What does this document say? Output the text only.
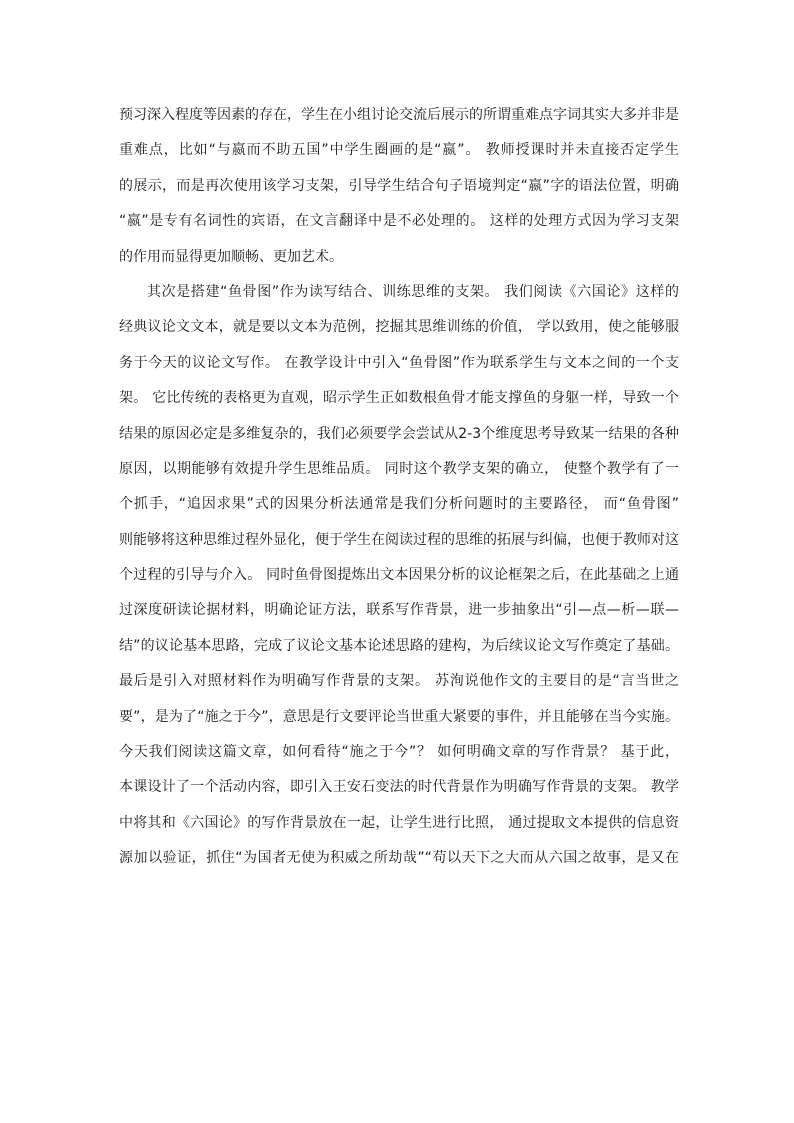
预习深入程度等因素的存在，学生在小组讨论交流后展示的所谓重难点字词其实大多并非是
重难点，比如“与嬴而不助五国”中学生圈画的是“嬴”。 教师授课时并未直接否定学生
的展示，而是再次使用该学习支架，引导学生结合句子语境判定“嬴”字的语法位置，明确
“嬴”是专有名词性的宾语，在文言翻译中是不必处理的。 这样的处理方式因为学习支架
的作用而显得更加顺畅、更加艺术。
其次是搭建“鱼骨图”作为读写结合、训练思维的支架。 我们阅读《六国论》这样的
经典议论文文本，就是要以文本为范例，挖掘其思维训练的价值， 学以致用，使之能够服
务于今天的议论文写作。 在教学设计中引入“鱼骨图”作为联系学生与文本之间的一个支
架。 它比传统的表格更为直观，昭示学生正如数根鱼骨才能支撑鱼的身躯一样，导致一个
结果的原因必定是多维复杂的，我们必须要学会尝试从2-3个维度思考导致某一结果的各种
原因，以期能够有效提升学生思维品质。 同时这个教学支架的确立， 使整个教学有了一
个抓手，“追因求果”式的因果分析法通常是我们分析问题时的主要路径， 而“鱼骨图”
则能够将这种思维过程外显化，便于学生在阅读过程的思维的拓展与纠偏，也便于教师对这
个过程的引导与介入。 同时鱼骨图提炼出文本因果分析的议论框架之后，在此基础之上通
过深度研读论据材料，明确论证方法，联系写作背景，进一步抽象出“引—点—析—联—
结”的议论基本思路，完成了议论文基本论述思路的建构，为后续议论文写作奠定了基础。
最后是引入对照材料作为明确写作背景的支架。 苏洵说他作文的主要目的是“言当世之
要”，是为了“施之于今”，意思是行文要评论当世重大紧要的事件，并且能够在当今实施。
今天我们阅读这篇文章，如何看待“施之于今”？ 如何明确文章的写作背景？ 基于此，
本课设计了一个活动内容，即引入王安石变法的时代背景作为明确写作背景的支架。 教学
中将其和《六国论》的写作背景放在一起，让学生进行比照， 通过提取文本提供的信息资
源加以验证，抓住“为国者无使为积威之所劫哉”“苟以天下之大而从六国之故事，是又在
